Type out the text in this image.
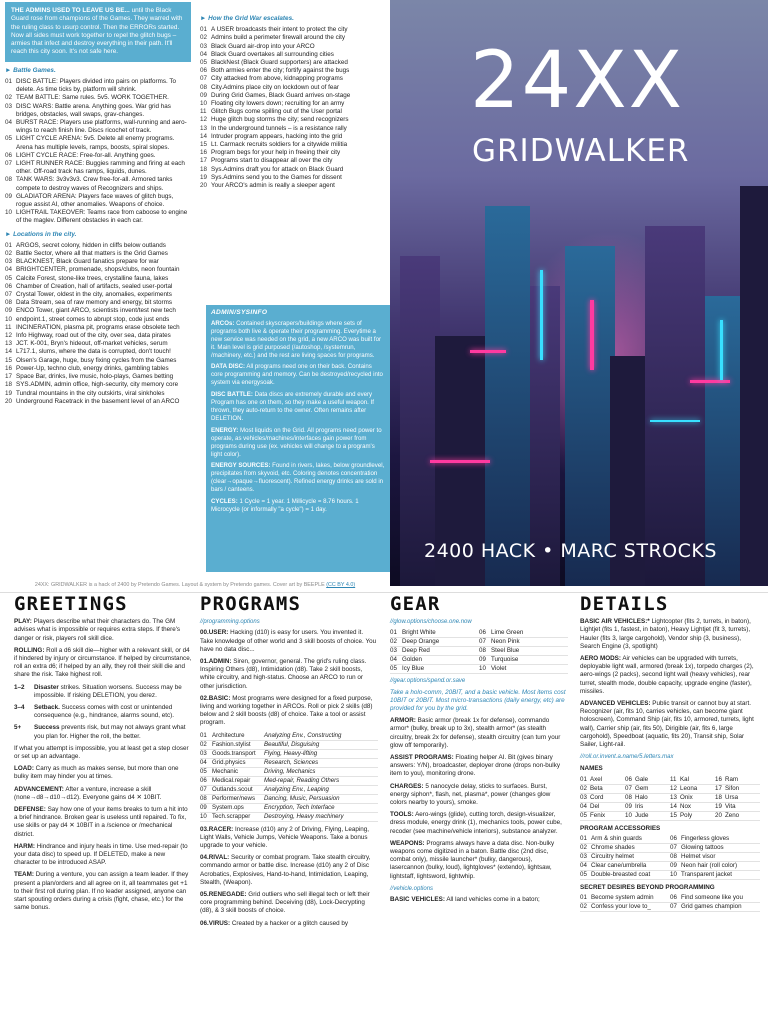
THE ADMINS USED TO LEAVE US BE... until the Black Guard rose from champions of the Games. They warred with the ruling class to usurp control. Then the ERRORs started. Now all sides must work together to repel the glitch bugs – armies that infect and destroy everything in their path. It'll reach this city soon. It's not safe here.
► Battle Games.
01 DISC BATTLE: Players divided into pairs on platforms. To delete. As time ticks by, platform will shrink.
02 TEAM BATTLE: Same rules. 5v5. WORK TOGETHER.
03 DISC WARS: Battle arena. Anything goes. War grid has bridges, obstacles, wall swaps, grav-changes.
04 BURST RACE: Players use platforms, wall-running and aero-wings to reach finish line. Discs ricochet of track.
05 LIGHT CYCLE ARENA: 5v5. Delete all enemy programs. Arena has multiple levels, ramps, boosts, spiral slopes.
06 LIGHT CYCLE RACE: Free-for-all. Anything goes.
07 LIGHT RUNNER RACE: Buggies ramming and firing at each other. Off-road track has ramps, liquids, dunes.
08 TANK WARS: 3v3v3v3. Crew free-for-all. Armored tanks compete to destroy waves of Recognizers and ships.
09 GLADIATOR ARENA: Players face waves of glitch bugs, rogue assist AI, other anomalies. Weapons of choice.
10 LIGHTRAIL TAKEOVER: Teams race from caboose to engine of the maglev. Different obstacles in each car.
► Locations in the city.
01 ARGOS, secret colony, hidden in cliffs below outlands
02 Battle Sector, where all that matters is the Grid Games
03 BLACKNEST, Black Guard fanatics prepare for war
04 BRIGHTCENTER, promenade, shops/clubs, neon fountain
05 Calcite Forest, stone-like trees, crystalline fauna, lakes
06 Chamber of Creation, hall of artifacts, sealed user-portal
07 Crystal Tower, oldest in the city, anomalies, experiments
08 Data Stream, sea of raw memory and energy, bit storms
09 ENCO Tower, giant ARCO, scientists invent/test new tech
10 endpoint.1, street comes to abrupt stop, code just ends
11 INCINERATION, plasma pit, programs erase obsolete tech
12 Info Highway, road out of the city, over sea, data pirates
13 JCT. K-001, Bryn's hideout, off-market vehicles, serum
14 L717.1, slums, where the data is corrupted, don't touch!
15 Olsen's Garage, huge, busy fixing cycles from the Games
16 Power-Up, techno club, energy drinks, gambling tables
17 Space Bar, drinks, live music, holo-plays, Games betting
18 SYS.ADMIN, admin office, high-security, city memory core
19 Tundral mountains in the city outskirts, viral sinkholes
20 Underground Racetrack in the basement level of an ARCO
► How the Grid War escalates.
01 A USER broadcasts their intent to protect the city
02 Admins build a perimeter firewall around the city
03 Black Guard air-drop into your ARCO
04 Black Guard overtakes all surrounding cities
05 BlackNest (Black Guard supporters) are attacked
06 Both armies enter the city; fortify against the bugs
07 City attacked from above, kidnapping programs
08 City.Admins place city on lockdown out of fear
09 During Grid Games, Black Guard arrives on-stage
10 Floating city lowers down; recruiting for an army
11 Glitch Bugs come spilling out of the User portal
12 Huge glitch bug storms the city; send recognizers
13 In the underground tunnels – is a resistance rally
14 Intruder program appears, hacking into the grid
15 Lt. Carmack recruits soldiers for a citywide militia
16 Program begs for your help in freeing their city
17 Programs start to disappear all over the city
18 Sys.Admins draft you for attack on Black Guard
19 Sys.Admins send you to the Games for dissent
20 Your ARCO's admin is really a sleeper agent
ADMIN/SYSINFO

ARCOs: Contained skyscrapers/buildings where sets of programs both live & operate their programming. Everytime a new service was needed on the grid, a new ARCO was built for it. Main level is grid purposed (/autoshop, /systemrun, /machinery, etc.) and the rest are living spaces for programs.

DATA DISC: All programs need one on their back. Contains core programming and memory. Can be destroyed/recycled into system via energysoak.

DISC BATTLE: Data discs are extremely durable and every Program has one on them, so they make a useful weapon. If thrown, they auto-return to the owner. Often remains after DELETION.

ENERGY: Most liquids on the Grid. All programs need power to operate, as vehicles/machines/interfaces gain power from programs during use (ex. vehicles will change to a program's light color).

ENERGY SOURCES: Found in rivers, lakes, below groundlevel, precipitates from skyvoid, etc. Coloring denotes concentration (clear→opaque→fluorescent). Refined energy drinks are sold in bars / canteens.

CYCLES: 1 Cycle = 1 year. 1 Millicycle = 8.76 hours. 1 Microcycle (or informally "a cycle") = 1 day.

24XX
GRIDWALKER
2400 HACK • MARC STROCKS
24XX: GRIDWALKER is a hack of 2400 by Pretendo Games. Layout & system by Pretendo games. Cover art by BEEPLE (CC BY 4.0)
GREETINGS

PLAY: Players describe what their characters do. The GM advises what is impossible or requires extra steps. If there's danger or risk, players roll skill dice.

ROLLING: Roll a d6 skill die—higher with a relevant skill, or d4 if hindered by injury or circumstance. If helped by circumstance, roll an extra d6; if helped by an ally, they roll their skill die and share the risk. Take highest roll.

1–2	Disaster strikes. Situation worsens. Success may be impossible. If risking DELETION, you derez.
3–4	Setback. Success comes with cost or unintended consequence (e.g., hindrance, alarms sound, etc).
5+	Success prevents risk, but may not always grant what you plan for. Higher the roll, the better.

If what you attempt is impossible, you at least get a step closer or set up an advantage.

LOAD: Carry as much as makes sense, but more than one bulky item may hinder you at times.

ADVANCEMENT: After a venture, increase a skill (none→d8→d10→d12). Everyone gains d4 ✕ 10BIT.

DEFENSE: Say how one of your items breaks to turn a hit into a brief hindrance. Broken gear is useless until repaired. To fix, use skills or pay d4 ✕ 10BIT in a /science or /mechanical district.

HARM: Hindrance and injury heals in time. Use med-repair (to your data disc) to speed up. If DELETED, make a new character to be introduced ASAP.

TEAM: During a venture, you can assign a team leader. If they present a plan/orders and all agree on it, all teammates get +1 to their first roll during plan. If no leader assigned, anyone can start spouting orders during a crisis (fight, chase, etc.) for the same bonus.

PROGRAMS
//programming.options

00.USER: Hacking (d10) is easy for users. You invented it. Take knowledge of other world and 3 skill boosts of choice. You have no data disc...

01.ADMIN: Siren, governor, general. The grid's ruling class. Inspiring Others (d8), Intimidation (d8). Take 2 skill boosts, white circuitry, and high-status. Choose an ARCO to run or other jurisdiction.

02.BASIC: Most programs were designed for a fixed purpose, living and working together in ARCOs. Roll or pick 2 skills (d8) below and 2 skill boosts (d8) of choice. Take a tool or assist program.

01 Architecture	Analyzing Env., Constructing
02 Fashion.stylist	Beautiful, Disguising
03 Goods.transport	Flying, Heavy-lifting
04 Grid.physics	Research, Sciences
05 Mechanic	Driving, Mechanics
06 Medical.repair	Med-repair, Reading Others
07 Outlands.scout	Analyzing Env., Leaping
08 Performer/news	Dancing, Music, Persuasion
09 System.ops	Encryption, Tech Interface
10 Tech.scrapper	Destroying, Heavy machinery

03.RACER: Increase (d10) any 2 of Driving, Flying, Leaping, Light Walls, Vehicle Jumps, Vehicle Weapons. Take a bonus upgrade to your vehicle.

04.RIVAL: Security or combat program. Take stealth circuitry, commando armor or battle disc. Increase (d10) any 2 of Disc Acrobatics, Explosives, Hand-to-hand, Intimidation, Leaping, Stealth, (Weapon).

05.RENEGADE: Grid outliers who sell illegal tech or left their core programming behind. Deceiving (d8), Lock-Decrypting (d8), & 3 skill boosts of choice.

06.VIRUS: Created by a hacker or a glitch caused by

GEAR
//glow.options/choose.one.now
01 Bright White	06 Lime Green
02 Deep Orange	07 Neon Pink
03 Deep Red	08 Steel Blue
04 Golden	09 Turquoise
05 Icy Blue	10 Violet
//gear.options/spend.or.save

Take a holo-comm, 20BIT, and a basic vehicle. Most items cost 10BIT or 20BIT. Most micro-transactions (daily energy, etc) are provided for you by the grid.

ARMOR: Basic armor (break 1x for defense), commando armor* (bulky, break up to 3x), stealth armor* (as stealth circuitry, break 2x for defense), stealth circuitry (can turn your glow off temporarily).

ASSIST PROGRAMS: Floating helper AI. Bit (gives binary answers: Y/N), broadcaster, deployer drone (drops non-bulky item to you), monitoring drone.

CHARGES: 5 nanocycle delay, sticks to surfaces. Burst, energy siphon*, flash, net, plasma*, power (changes glow colors nearby to yours), smoke.

TOOLS: Aero-wings (glide), cutting torch, design-visualizer, dress module, energy drink (1), mechanics tools, power cube, recoder (see machine/vehicle interiors), substance analyzer.

WEAPONS: Programs always have a data disc. Non-bulky weapons come digitized in a baton. Battle disc (2nd disc, combat only), missile launcher* (bulky, dangerous), lasercannon (bulky, loud), lightgloves* (extendo), lightsaw, lightstaff, lightsword, lightwhip.

//vehicle.options

BASIC VEHICLES: All land vehicles come in a baton;

DETAILS

BASIC AIR VEHICLES:* Lightcopter (fits 2, turrets, in baton), Lightjet (fits 1, fastest, in baton), Heavy Lightjet (fit 3, turrets), Hauler (fits 3, large cargohold), Vendor ship (3, business), Search Engine (3, spotlight)

AERO MODS: Air vehicles can be upgraded with turrets, deployable light wall, armored (break 1x), torpedo charges (2), aero-wings (2 packs), second light wall (heavy vehicles), rear turret, stealth mode, double capacity, upgrade engine (faster), missiles.

ADVANCED VEHICLES: Public transit or cannot buy at start. Recognizer (air, fits 10, carries vehicles, can become giant holoscreen), Command Ship (air, fits 10, armored, turrets, light wall), Carrier ship (air, fits 50), Dirigible (air, fits 6, large cargohold), Speedboat (aquatic, fits 20), Transit ship, Solar Sailer, Light-rail.

//roll.or.invent.a.name/5.letters.max
NAMES
01 Axel	06 Gale	11 Kal	16 Ram
02 Beta	07 Gem	12 Leona	17 Sifon
03 Cord	08 Halo	13 Onix	18 Ursa
04 Del	09 Iris	14 Nox	19 Vita
05 Fenix	10 Jude	15 Poly	20 Zeno
PROGRAM ACCESSORIES
01 Arm & shin guards	06 Fingerless gloves
02 Chrome shades	07 Glowing tattoos
03 Circuitry helmet	08 Helmet visor
04 Clear cane/umbrella	09 Neon hair (roll color)
05 Double-breasted coat	10 Transparent jacket
SECRET DESIRES BEYOND PROGRAMMING
01 Become system admin	06 Find someone like you
02 Confess your love to_	07 Grid games champion
